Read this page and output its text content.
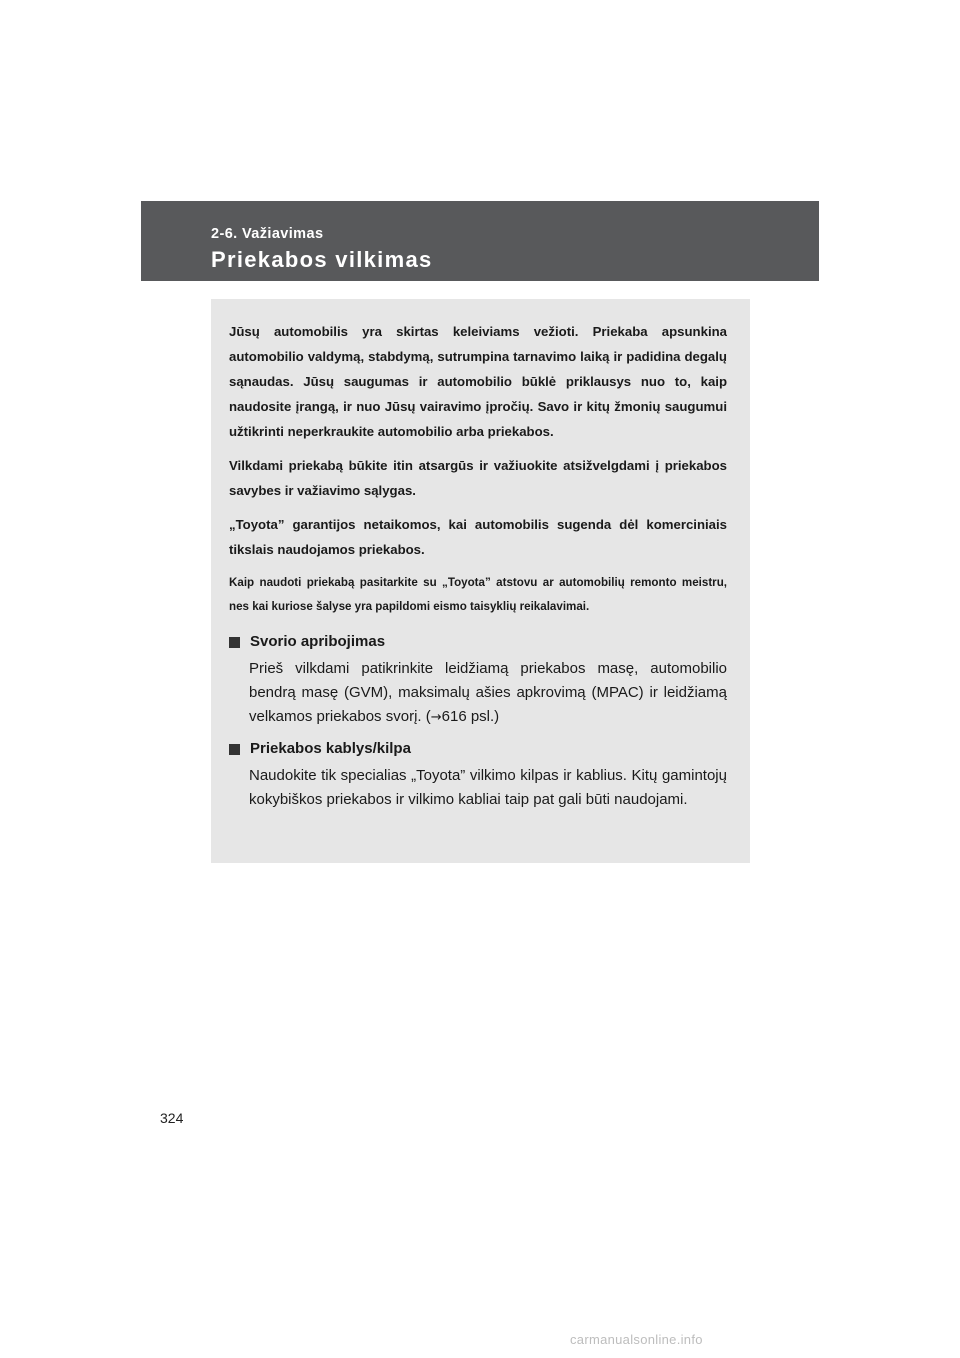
2-6. Važiavimas
Priekabos vilkimas

Jūsų automobilis yra skirtas keleiviams vežioti. Priekaba apsunkina automobilio valdymą, stabdymą, sutrumpina tarnavimo laiką ir padidina degalų sąnaudas. Jūsų saugumas ir automobilio būklė priklausys nuo to, kaip naudosite įrangą, ir nuo Jūsų vairavimo įpročių. Savo ir kitų žmonių saugumui užtikrinti neperkraukite automobilio arba priekabos.

Vilkdami priekabą būkite itin atsargūs ir važiuokite atsižvelgdami į priekabos savybes ir važiavimo sąlygas.

„Toyota” garantijos netaikomos, kai automobilis sugenda dėl komerciniais tikslais naudojamos priekabos.

Kaip naudoti priekabą pasitarkite su „Toyota” atstovu ar automobilių remonto meistru, nes kai kuriose šalyse yra papildomi eismo taisyklių reikalavimai.

Svorio apribojimas
Prieš vilkdami patikrinkite leidžiamą priekabos masę, automobilio bendrą masę (GVM), maksimalų ašies apkrovimą (MPAC) ir leidžiamą velkamos priekabos svorį. (→616 psl.)
Priekabos kablys/kilpa
Naudokite tik specialias „Toyota” vilkimo kilpas ir kablius. Kitų gamintojų kokybiškos priekabos ir vilkimo kabliai taip pat gali būti naudojami.
324
carmanualsonline.info
